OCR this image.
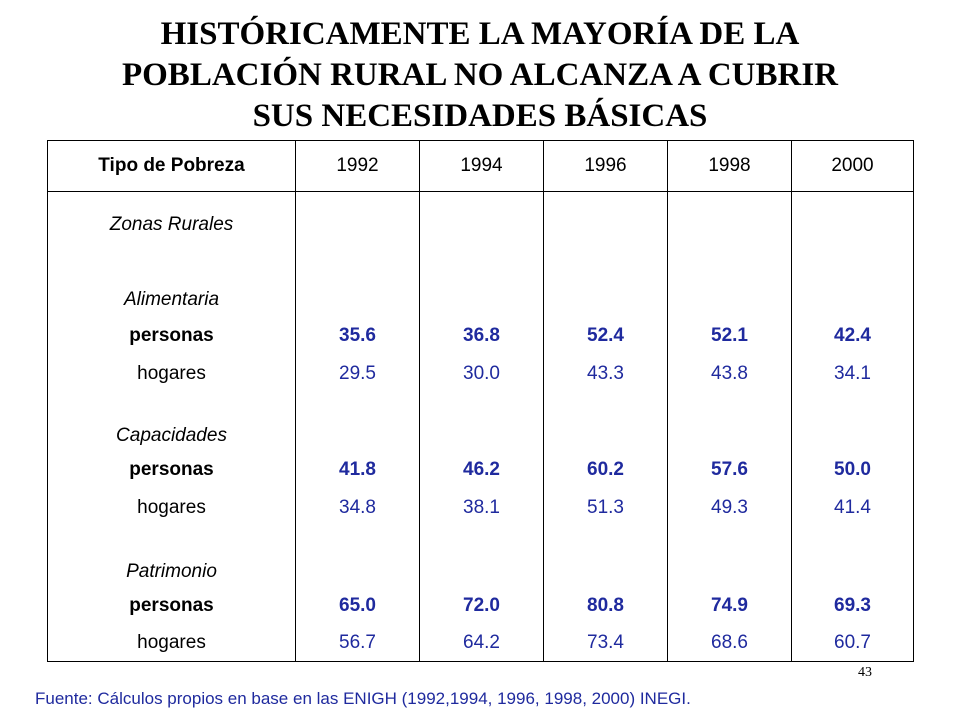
HISTÓRICAMENTE LA MAYORÍA DE LA
POBLACIÓN RURAL NO ALCANZA A CUBRIR
SUS NECESIDADES BÁSICAS
Tipo de Pobreza	1992	1994	1996	1998	2000
Zonas Rurales					
Alimentaria					
personas	35.6	36.8	52.4	52.1	42.4
hogares	29.5	30.0	43.3	43.8	34.1
Capacidades					
personas	41.8	46.2	60.2	57.6	50.0
hogares	34.8	38.1	51.3	49.3	41.4
Patrimonio					
personas	65.0	72.0	80.8	74.9	69.3
hogares	56.7	64.2	73.4	68.6	60.7
43
Fuente: Cálculos propios en base en las ENIGH (1992,1994, 1996, 1998, 2000) INEGI.
